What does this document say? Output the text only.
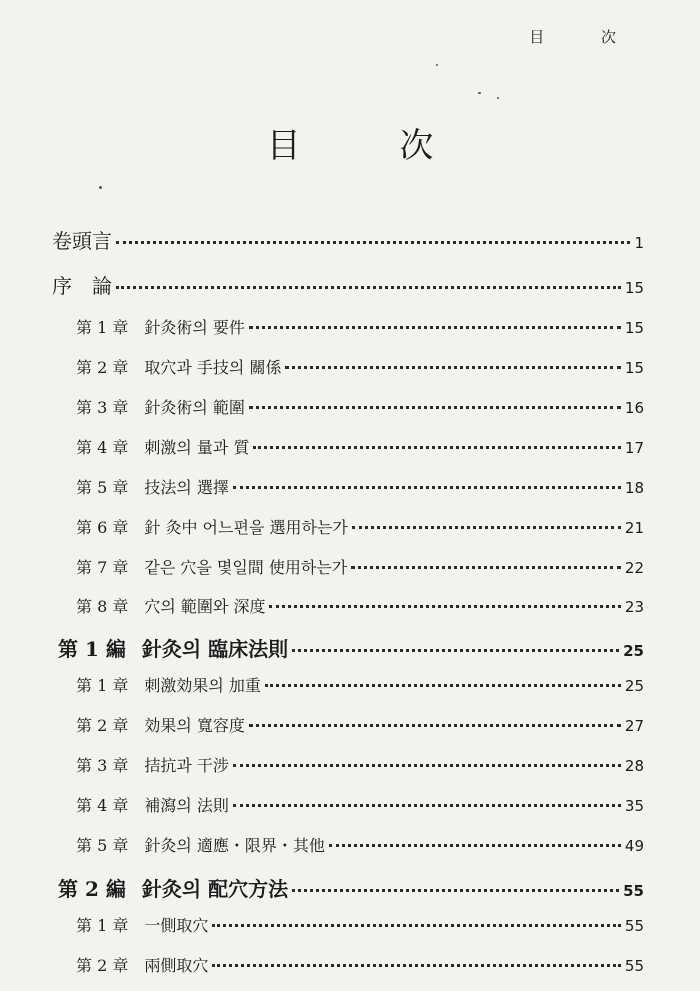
目 次
目 次
卷頭言	1
序　論	15
第 1 章 針灸術의 要件	15
第 2 章 取穴과 手技의 關係	15
第 3 章 針灸術의 範圍	16
第 4 章 刺激의 量과 質	17
第 5 章 技法의 選擇	18
第 6 章 針 灸中 어느편을 選用하는가	21
第 7 章 같은 穴을 몇일間 使用하는가	22
第 8 章 穴의 範圍와 深度	23
第 1 編 針灸의 臨床法則	25
第 1 章 刺激効果의 加重	25
第 2 章 効果의 寬容度	27
第 3 章 拮抗과 干涉	28
第 4 章 補瀉의 法則	35
第 5 章 針灸의 適應・限界・其他	49
第 2 編 針灸의 配穴方法	55
第 1 章 一側取穴	55
第 2 章 兩側取穴	55
